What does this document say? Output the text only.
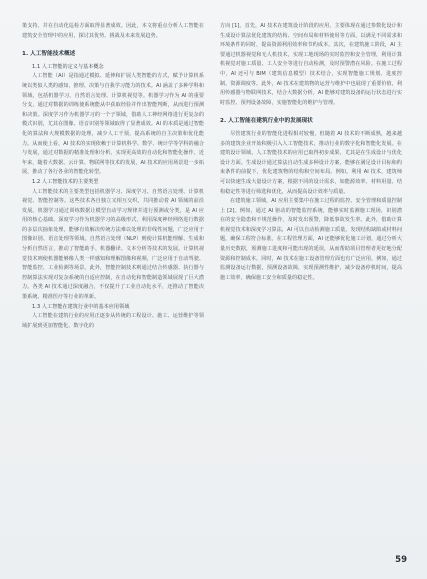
策支持，并在自动化巡检方面取得显著成效。因此，本文将重点分析人工智能在建筑安全管理中的应用，探讨其优势、挑战及未来发展趋势。

1. 人工智能技术概述

1.1 人工智能的定义与基本概念

人工智能（AI）是指通过模拟、延伸和扩展人类智能的方式，赋予计算机系统以类似人类的感知、推理、决策与自我学习能力的技术。AI 涵盖了多种学科和领域，包括机器学习、自然语言处理、计算机视觉等。机器学习作为 AI 的重要分支，通过对数据的训练使系统能从中获取经验并作出智能判断，从而进行预测和决策。深度学习作为机器学习的一个子领域，借助人工神经网络进行更复杂的模式识别，尤其在图像、语音识别等领域取得了显著成效。AI 的本质是通过智能化的算法和大规模数据的处理，减少人工干预，提高系统的自主决策和优化能力。从而使上看，AI 技术的实现依赖于计算机科学、数学、统计学等学科的融合与发展，通过对数据的精准处理和分析，实现更高效的自动化和智能化操作。近年来，随着大数据、云计算、物联网等技术的发展，AI 技术的应用场景进一步拓展，推动了各行各业的智能化转型。

1.2 人工智能技术的主要类型

人工智能技术的主要类型包括机器学习、深度学习、自然语言处理、计算机视觉、智能控制等。这些技术各自独立又相互交织，共同推动着 AI 领域的前沿发展。机器学习通过训练数据让模型自动学习规律并进行预测或分类，是 AI 应用的核心基础。深度学习作为机器学习的高级形式，利用深度神经网络进行数据的多层次抽象处理，能够有效解决传统方法难以处理的非线性问题，广泛应用于图像识别、语音处理等领域。自然语言处理（NLP）则使计算机能理解、生成和分析自然语言，推动了智能助手、机器翻译、文本分析等技术的发展。计算机视觉技术则使机器能够像人类一样感知和理解图像和视频，广泛应用于自动驾驶、智能监控、工业检测等场景。此外，智能控制技术则通过结合传感器、执行器与控制算法实现对复杂系统的自适应控制，在自动化和智能制造领域展现了巨大潜力。各类 AI 技术通过深度融合，不仅提升了工业自动化水平，还推动了智能决策系统、精准医疗等行业的革新。

1.3 人工智能在建筑行业中的基本应用领域

人工智能在建筑行业的应用正逐步从传统的工程设计、施工、运营维护等领域扩展到更加智能化、数字化的

方向 [1]。首先，AI 技术在建筑设计阶段的应用，主要体现在通过参数化设计和生成设计算法优化建筑的结构、空间布局和材料使用等方面，以满足不同需求和环境条件的同时，提高资源利用效率和节约成本。其次，在建筑施工阶段，AI 主要通过机器视觉和无人机技术，实现工地现场的实时监控和安全管理，利用计算机视觉对施工质量、工人安全等进行自动检测，及时预警潜在风险。在施工过程中，AI 还可与 BIM（建筑信息模型）技术结合，实现智能施工规划、进度控制、资源调度等。此外，AI 技术在建筑物的运营与维护中也展现了重要价值，利用传感器与物联网技术，结合大数据分析，AI 能够对建筑设备的运行状态进行实时监控、预判设备故障，实施智能化的维护与管理。

2. 人工智能在建筑行业中的发展现状

尽管建筑行业的智能化进程相对较慢，但随着 AI 技术的不断成熟，越来越多的建筑企业开始积极引入人工智能技术，推动行业的数字化和智能化发展。在建筑设计领域，人工智能技术的应用已取得初步成果，尤其是在生成设计与优化设计方面。生成设计通过算法自动生成多种设计方案，能够在满足设计目标和约束条件的前提下，优化建筑物的结构和空间布局。例如，利用 AI 技术，建筑师可以快速生成大量设计方案，根据不同的设计需求，如能源效率、材料用量、结构稳定性等进行筛选和优化，从而提高设计效率与质量。

在建筑施工领域，AI 应用主要集中在施工过程的监控、安全管理和质量控制上 [2]。例如，通过 AI 驱动的智能监控系统，能够实时监测施工现场，识别潜在的安全隐患和不规范操作，及时发出预警，降低事故发生率。此外，借助计算机视觉技术和深度学习算法，AI 可以自动检测施工质量，发现结构缺陷或材料问题，确保工程符合标准。在工程管理方面，AI 还能够优化施工计划，通过分析大量历史数据，预测施工进度和可能出现的延误，从而帮助项目管理者更好地分配资源和控制成本。同时，AI 技术在施工设备管理方面也有广泛应用，例如，通过监测设备运行数据，预测设备故障，实现预测性维护，减少设备停机时间，提高施工效率，确保施工安全和质量的稳定性。

59
